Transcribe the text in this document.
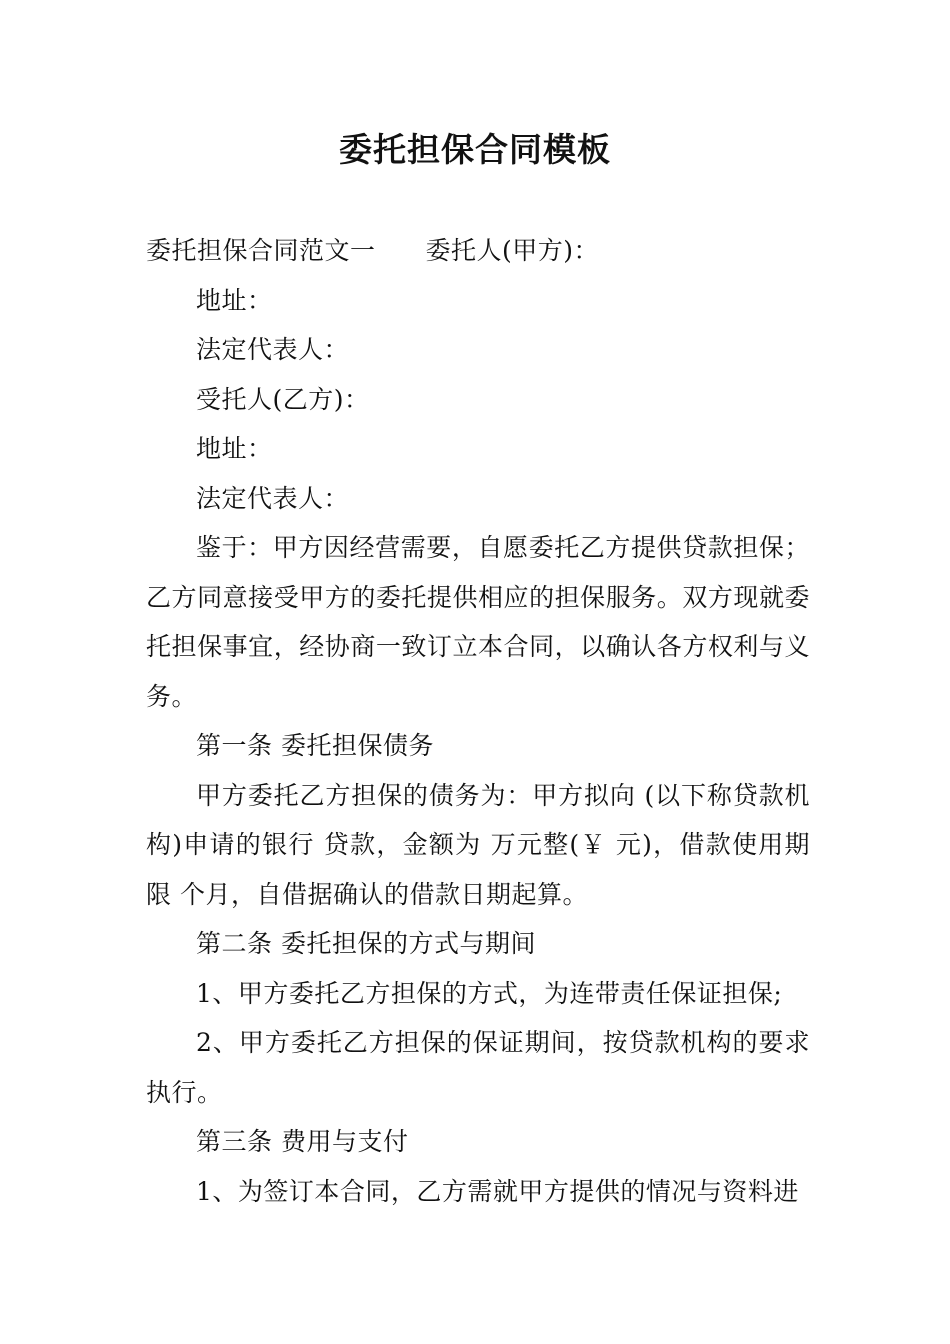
委托担保合同模板

委托担保合同范文一 委托人(甲方)：

地址：

法定代表人：

受托人(乙方)：

地址：

法定代表人：

鉴于：甲方因经营需要，自愿委托乙方提供贷款担保；乙方同意接受甲方的委托提供相应的担保服务。双方现就委托担保事宜，经协商一致订立本合同，以确认各方权利与义务。

第一条 委托担保债务

甲方委托乙方担保的债务为：甲方拟向 (以下称贷款机构)申请的银行 贷款，金额为 万元整(￥ 元)，借款使用期限 个月，自借据确认的借款日期起算。

第二条 委托担保的方式与期间

1、甲方委托乙方担保的方式，为连带责任保证担保;

2、甲方委托乙方担保的保证期间，按贷款机构的要求执行。

第三条 费用与支付

1、为签订本合同，乙方需就甲方提供的情况与资料进
